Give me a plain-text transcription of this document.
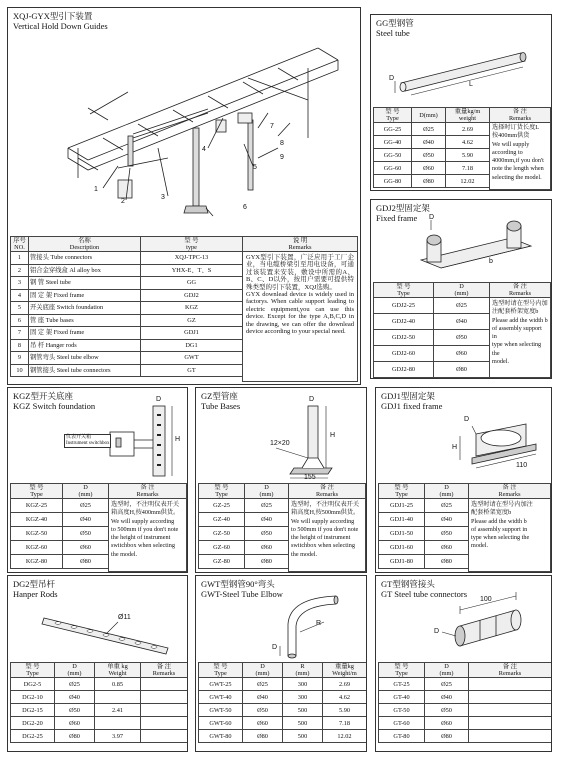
XQJ-GYX型引下装置
Vertical Hold Down Guides
1
2
3
4
5
6
7
8
9
序号
NO.	名称
Description	型 号
type

1	管接头 Tube connectors	XQJ-TPC-13
2	铝合金穿线盒 Al alloy box	YHX-E、T、S
3	钢 管 Steel tube	GG
4	固 定 架 Fixed frame	GDJ2
5	开关底座 Switch foundation	KGZ
6	管 座 Tube bases	GZ
7	固 定 架 Fixed frame	GDJ1
8	吊 杆 Hanger rods	DG1
9	钢管弯头 Steel tube elbow	GWT
10	钢管接头 Steel tube connectors	GT
说 明
Remarks
GYX型引下装置，广泛应用于工厂企业，当电缆桥梁引至用电设备，可通过该装置来安装，敷设中所需的A、B、C、D以外，按用户需要可提供特殊类型的引下装置，XQJ选购。
GYX downlead device is widely used in factorys. When cable support leading to electric equipment,you can use this device. Except for the type A,B,C,D in the drawing, we can offer the downlead device according to your special need.
GG型钢管
Steel tube
D
L
型 号
Type	D(mm)	重量kg/m
weight

GG-25	Ø25	2.69
GG-40	Ø40	4.62
GG-50	Ø50	5.90
GG-60	Ø60	7.18
GG-80	Ø80	12.02
备 注
Remarks
选择时订货长度L
按400mm供货
We will supply
according to
4000mm,if you don't
note the length when
selecting the model.
GDJ2型固定架
Fixed frame	D
b
型 号
Type	D
(mm)

GDJ2-25	Ø25
GDJ2-40	Ø40
GDJ2-50	Ø50
GDJ2-60	Ø60
GDJ2-80	Ø80
备 注
Remarks
选型时请在型号内加
注配套桥架宽度b
Please add the width b
of assembly support in
type when selecting the
model.
KGZ型开关底座
KGZ Switch foundation
仪表开关箱
Instrument switchbox
D
H
型 号
Type	D
(mm)

KGZ-25	Ø25
KGZ-40	Ø40
KGZ-50	Ø50
KGZ-60	Ø60
KGZ-80	Ø80
备 注
Remarks
选型时，不注明仪表开关
箱高度H,按400mm供货。
We will supply according
to 500mm if you don't note
the height of instrument
switchbox when selecting
the model.
GZ型管座
Tube Bases
12×20
D
H
155
型 号
Type	D
(mm)

GZ-25	Ø25
GZ-40	Ø40
GZ-50	Ø50
GZ-60	Ø60
GZ-80	Ø80
备 注
Remarks
选型时，不注明仪表开关
箱高度H,按500mm供货。
We will supply according
to 500mm if you don't note
the height of instrument
switchbox when selecting
the model.
GDJ1型固定架
GDJ1 fixed frame
D
H
110
型 号
Type	D
(mm)

GDJ1-25	Ø25
GDJ1-40	Ø40
GDJ1-50	Ø50
GDJ1-60	Ø60
GDJ1-80	Ø80
备 注
Remarks
选型时请在型号内加注
配套桥架宽度b
Please add the width b
of assembly support in
type when selecting the
model.
DG2型吊杆
Hanper Rods
Ø11
型 号
Type	D
(mm)	单重 kg
Weight	备 注
Remarks

DG2-5	Ø25	0.85	
DG2-10	Ø40		
DG2-15	Ø50	2.41	
DG2-20	Ø60		
DG2-25	Ø80	3.97	
GWT型钢管90°弯头
GWT-Steel Tube Elbow
R
D
型 号
Type	D
(mm)	R
(mm)	重量kg
Weight/m

GWT-25	Ø25	300	2.69
GWT-40	Ø40	300	4.62
GWT-50	Ø50	500	5.90
GWT-60	Ø60	500	7.18
GWT-80	Ø80	500	12.02
GT型钢管接头
GT Steel tube connectors
100
D
型 号
Type	D
(mm)	备 注
Remarks

GT-25	Ø25	
GT-40	Ø40	
GT-50	Ø50	
GT-60	Ø60	
GT-80	Ø80	
